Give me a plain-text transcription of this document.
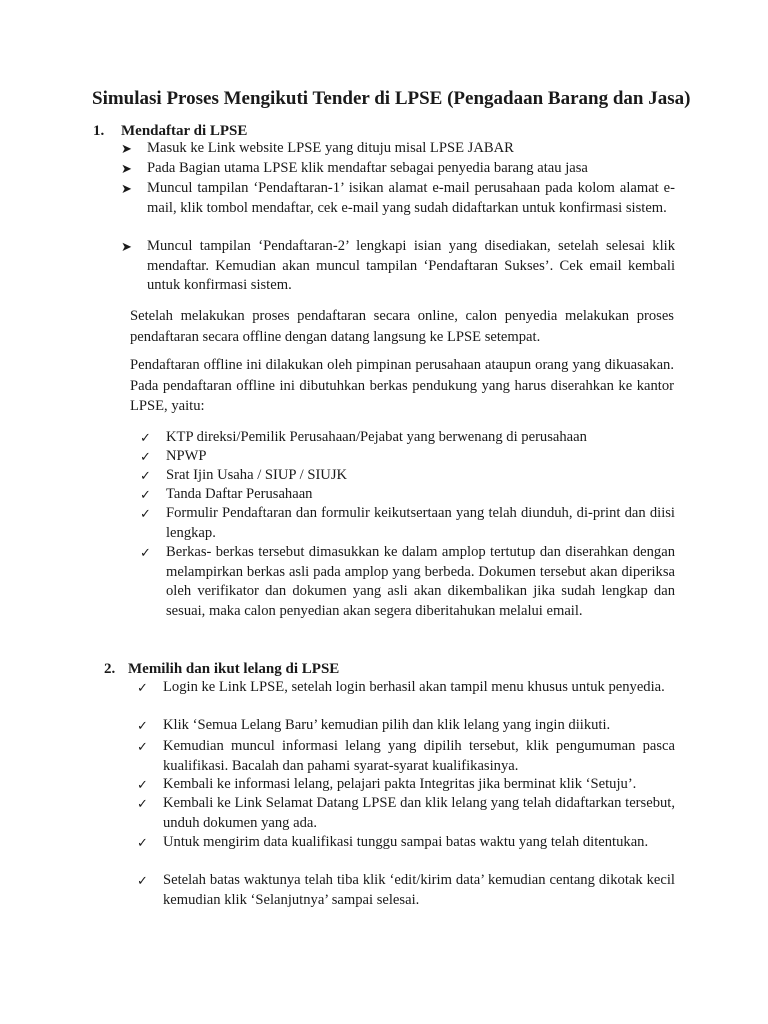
Simulasi Proses Mengikuti Tender di LPSE (Pengadaan Barang dan Jasa)
1. Mendaftar di LPSE
➤ Masuk ke Link website LPSE yang dituju misal LPSE JABAR
➤ Pada Bagian utama LPSE klik mendaftar sebagai penyedia barang atau jasa
➤ Muncul tampilan ‘Pendaftaran-1’ isikan alamat e-mail perusahaan pada kolom alamat e-mail, klik tombol mendaftar, cek e-mail yang sudah didaftarkan untuk konfirmasi sistem.
➤ Muncul tampilan ‘Pendaftaran-2’ lengkapi isian yang disediakan, setelah selesai klik mendaftar. Kemudian akan muncul tampilan ‘Pendaftaran Sukses’. Cek email kembali untuk konfirmasi sistem.
Setelah melakukan proses pendaftaran secara online, calon penyedia melakukan proses pendaftaran secara offline dengan datang langsung ke LPSE setempat.
Pendaftaran offline ini dilakukan oleh pimpinan perusahaan ataupun orang yang dikuasakan. Pada pendaftaran offline ini dibutuhkan berkas pendukung yang harus diserahkan ke kantor LPSE, yaitu:
✓ KTP direksi/Pemilik Perusahaan/Pejabat yang berwenang di perusahaan
✓ NPWP
✓ Srat Ijin Usaha / SIUP / SIUJK
✓ Tanda Daftar Perusahaan
✓ Formulir Pendaftaran dan formulir keikutsertaan yang telah diunduh, di-print dan diisi lengkap.
✓ Berkas- berkas tersebut dimasukkan ke dalam amplop tertutup dan diserahkan dengan melampirkan berkas asli pada amplop yang berbeda. Dokumen tersebut akan diperiksa oleh verifikator dan dokumen yang asli akan dikembalikan jika sudah lengkap dan sesuai, maka calon penyedian akan segera diberitahukan melalui email.
2. Memilih dan ikut lelang di LPSE
✓ Login ke Link LPSE, setelah login berhasil akan tampil menu khusus untuk penyedia.
✓ Klik ‘Semua Lelang Baru’ kemudian pilih dan klik lelang yang ingin diikuti.
✓ Kemudian muncul informasi lelang yang dipilih tersebut, klik pengumuman pasca kualifikasi. Bacalah dan pahami syarat-syarat kualifikasinya.
✓ Kembali ke informasi lelang, pelajari pakta Integritas jika berminat klik ‘Setuju’.
✓ Kembali ke Link Selamat Datang LPSE dan klik lelang yang telah didaftarkan tersebut, unduh dokumen yang ada.
✓ Untuk mengirim data kualifikasi tunggu sampai batas waktu yang telah ditentukan.
✓ Setelah batas waktunya telah tiba klik ‘edit/kirim data’ kemudian centang dikotak kecil kemudian klik ‘Selanjutnya’ sampai selesai.
